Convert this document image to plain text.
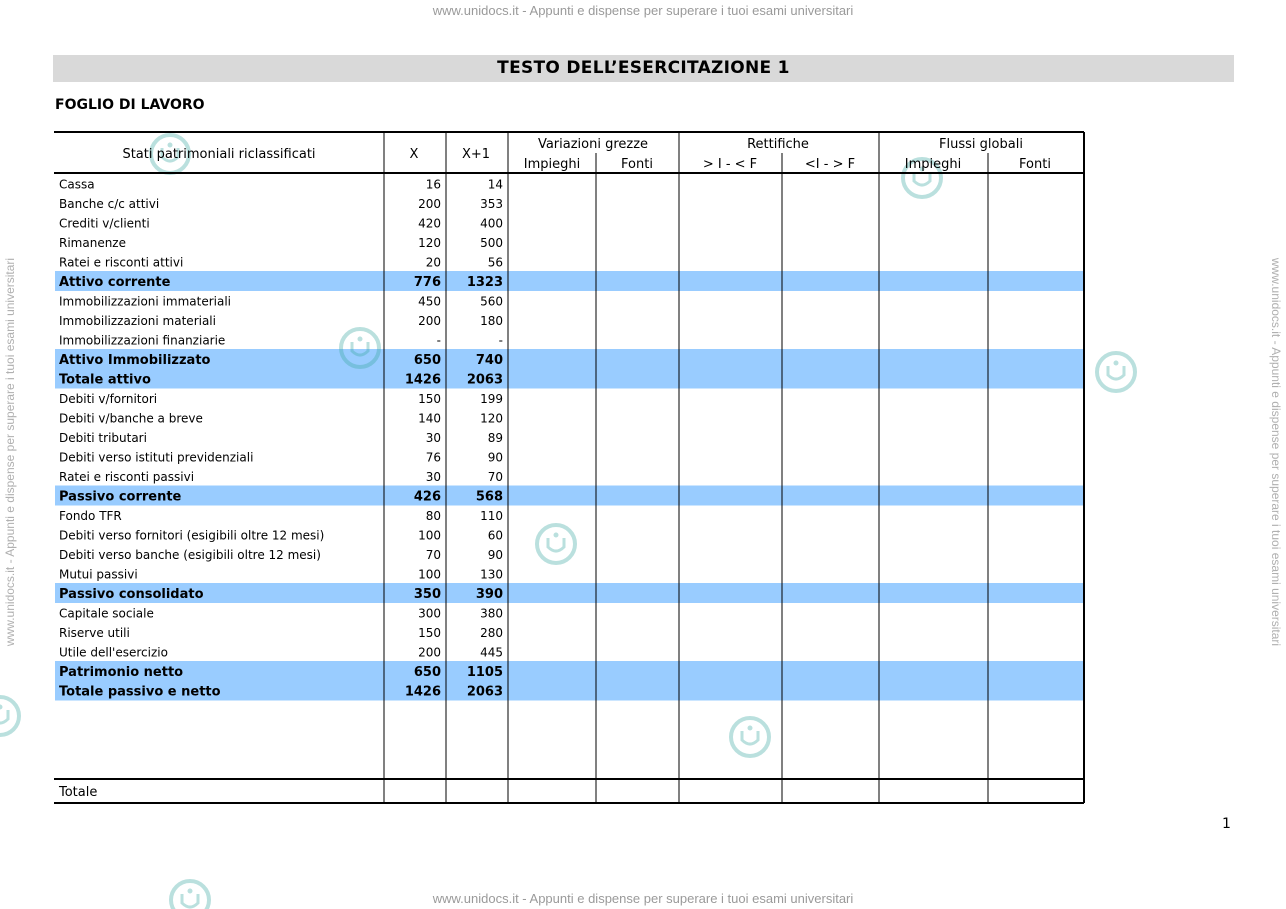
www.unidocs.it - Appunti e dispense per superare i tuoi esami universitari
www.unidocs.it - Appunti e dispense per superare i tuoi esami universitari
www.unidocs.it - Appunti e dispense per superare i tuoi esami universitari	www.unidocs.it - Appunti e dispense per superare i tuoi esami universitari
TESTO DELL’ESERCITAZIONE 1
FOGLIO DI LAVORO
Stati patrimoniali riclassificati	X	X+1
Variazioni grezze	Rettifiche	Flussi globali
Impieghi	Fonti	> I - < F	<I - > F	Impieghi	Fonti
Cassa	16	14
Banche c/c attivi	200	353
Crediti v/clienti	420	400
Rimanenze	120	500
Ratei e risconti attivi	20	56
Attivo corrente	776 1323
Immobilizzazioni immateriali	450	560
Immobilizzazioni materiali	200	180
Immobilizzazioni finanziarie	-	-
Attivo Immobilizzato	650	740
Totale attivo	1426 2063
Debiti v/fornitori	150	199
Debiti v/banche a breve	140	120
Debiti tributari	30	89
Debiti verso istituti previdenziali	76	90
Ratei e risconti passivi	30	70
Passivo corrente	426	568
Fondo TFR	80	110
Debiti verso fornitori (esigibili oltre 12 mesi)	100	60
Debiti verso banche (esigibili oltre 12 mesi)	70	90
Mutui passivi	100	130
Passivo consolidato	350	390
Capitale sociale	300	380
Riserve utili	150	280
Utile dell'esercizio	200	445
Patrimonio netto	650 1105
Totale passivo e netto	1426 2063
Totale
1
